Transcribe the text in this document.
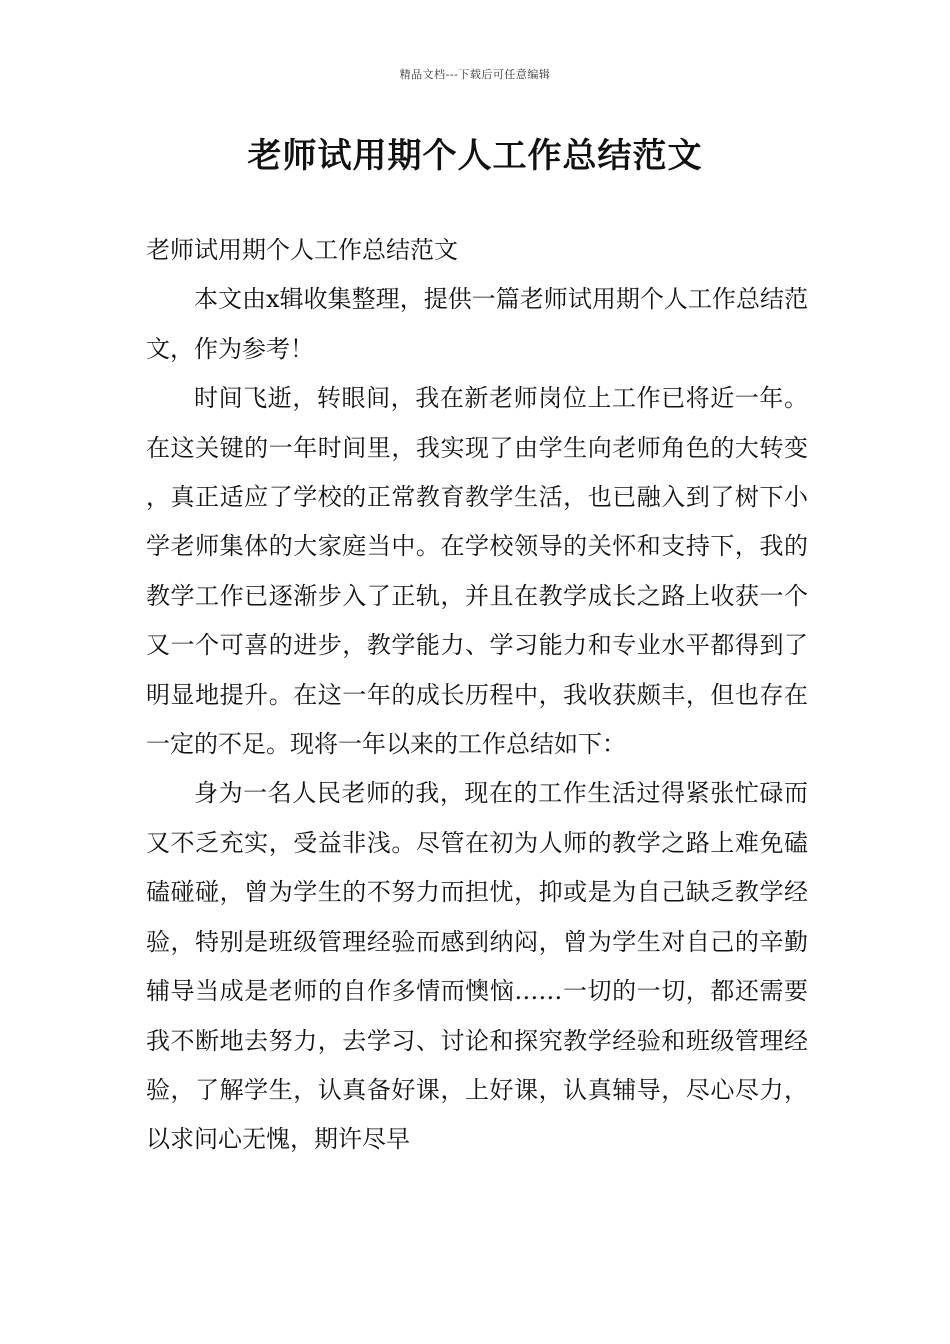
精品文档---下载后可任意编辑
老师试用期个人工作总结范文

老师试用期个人工作总结范文

本文由x辑收集整理，提供一篇老师试用期个人工作总结范文，作为参考！

时间飞逝，转眼间，我在新老师岗位上工作已将近一年。在这关键的一年时间里，我实现了由学生向老师角色的大转变，真正适应了学校的正常教育教学生活，也已融入到了树下小学老师集体的大家庭当中。在学校领导的关怀和支持下，我的教学工作已逐渐步入了正轨，并且在教学成长之路上收获一个又一个可喜的进步，教学能力、学习能力和专业水平都得到了明显地提升。在这一年的成长历程中，我收获颇丰，但也存在一定的不足。现将一年以来的工作总结如下：

身为一名人民老师的我，现在的工作生活过得紧张忙碌而又不乏充实，受益非浅。尽管在初为人师的教学之路上难免磕磕碰碰，曾为学生的不努力而担忧，抑或是为自己缺乏教学经验，特别是班级管理经验而感到纳闷，曾为学生对自己的辛勤辅导当成是老师的自作多情而懊恼……一切的一切，都还需要我不断地去努力，去学习、讨论和探究教学经验和班级管理经验，了解学生，认真备好课，上好课，认真辅导，尽心尽力，以求问心无愧，期许尽早
